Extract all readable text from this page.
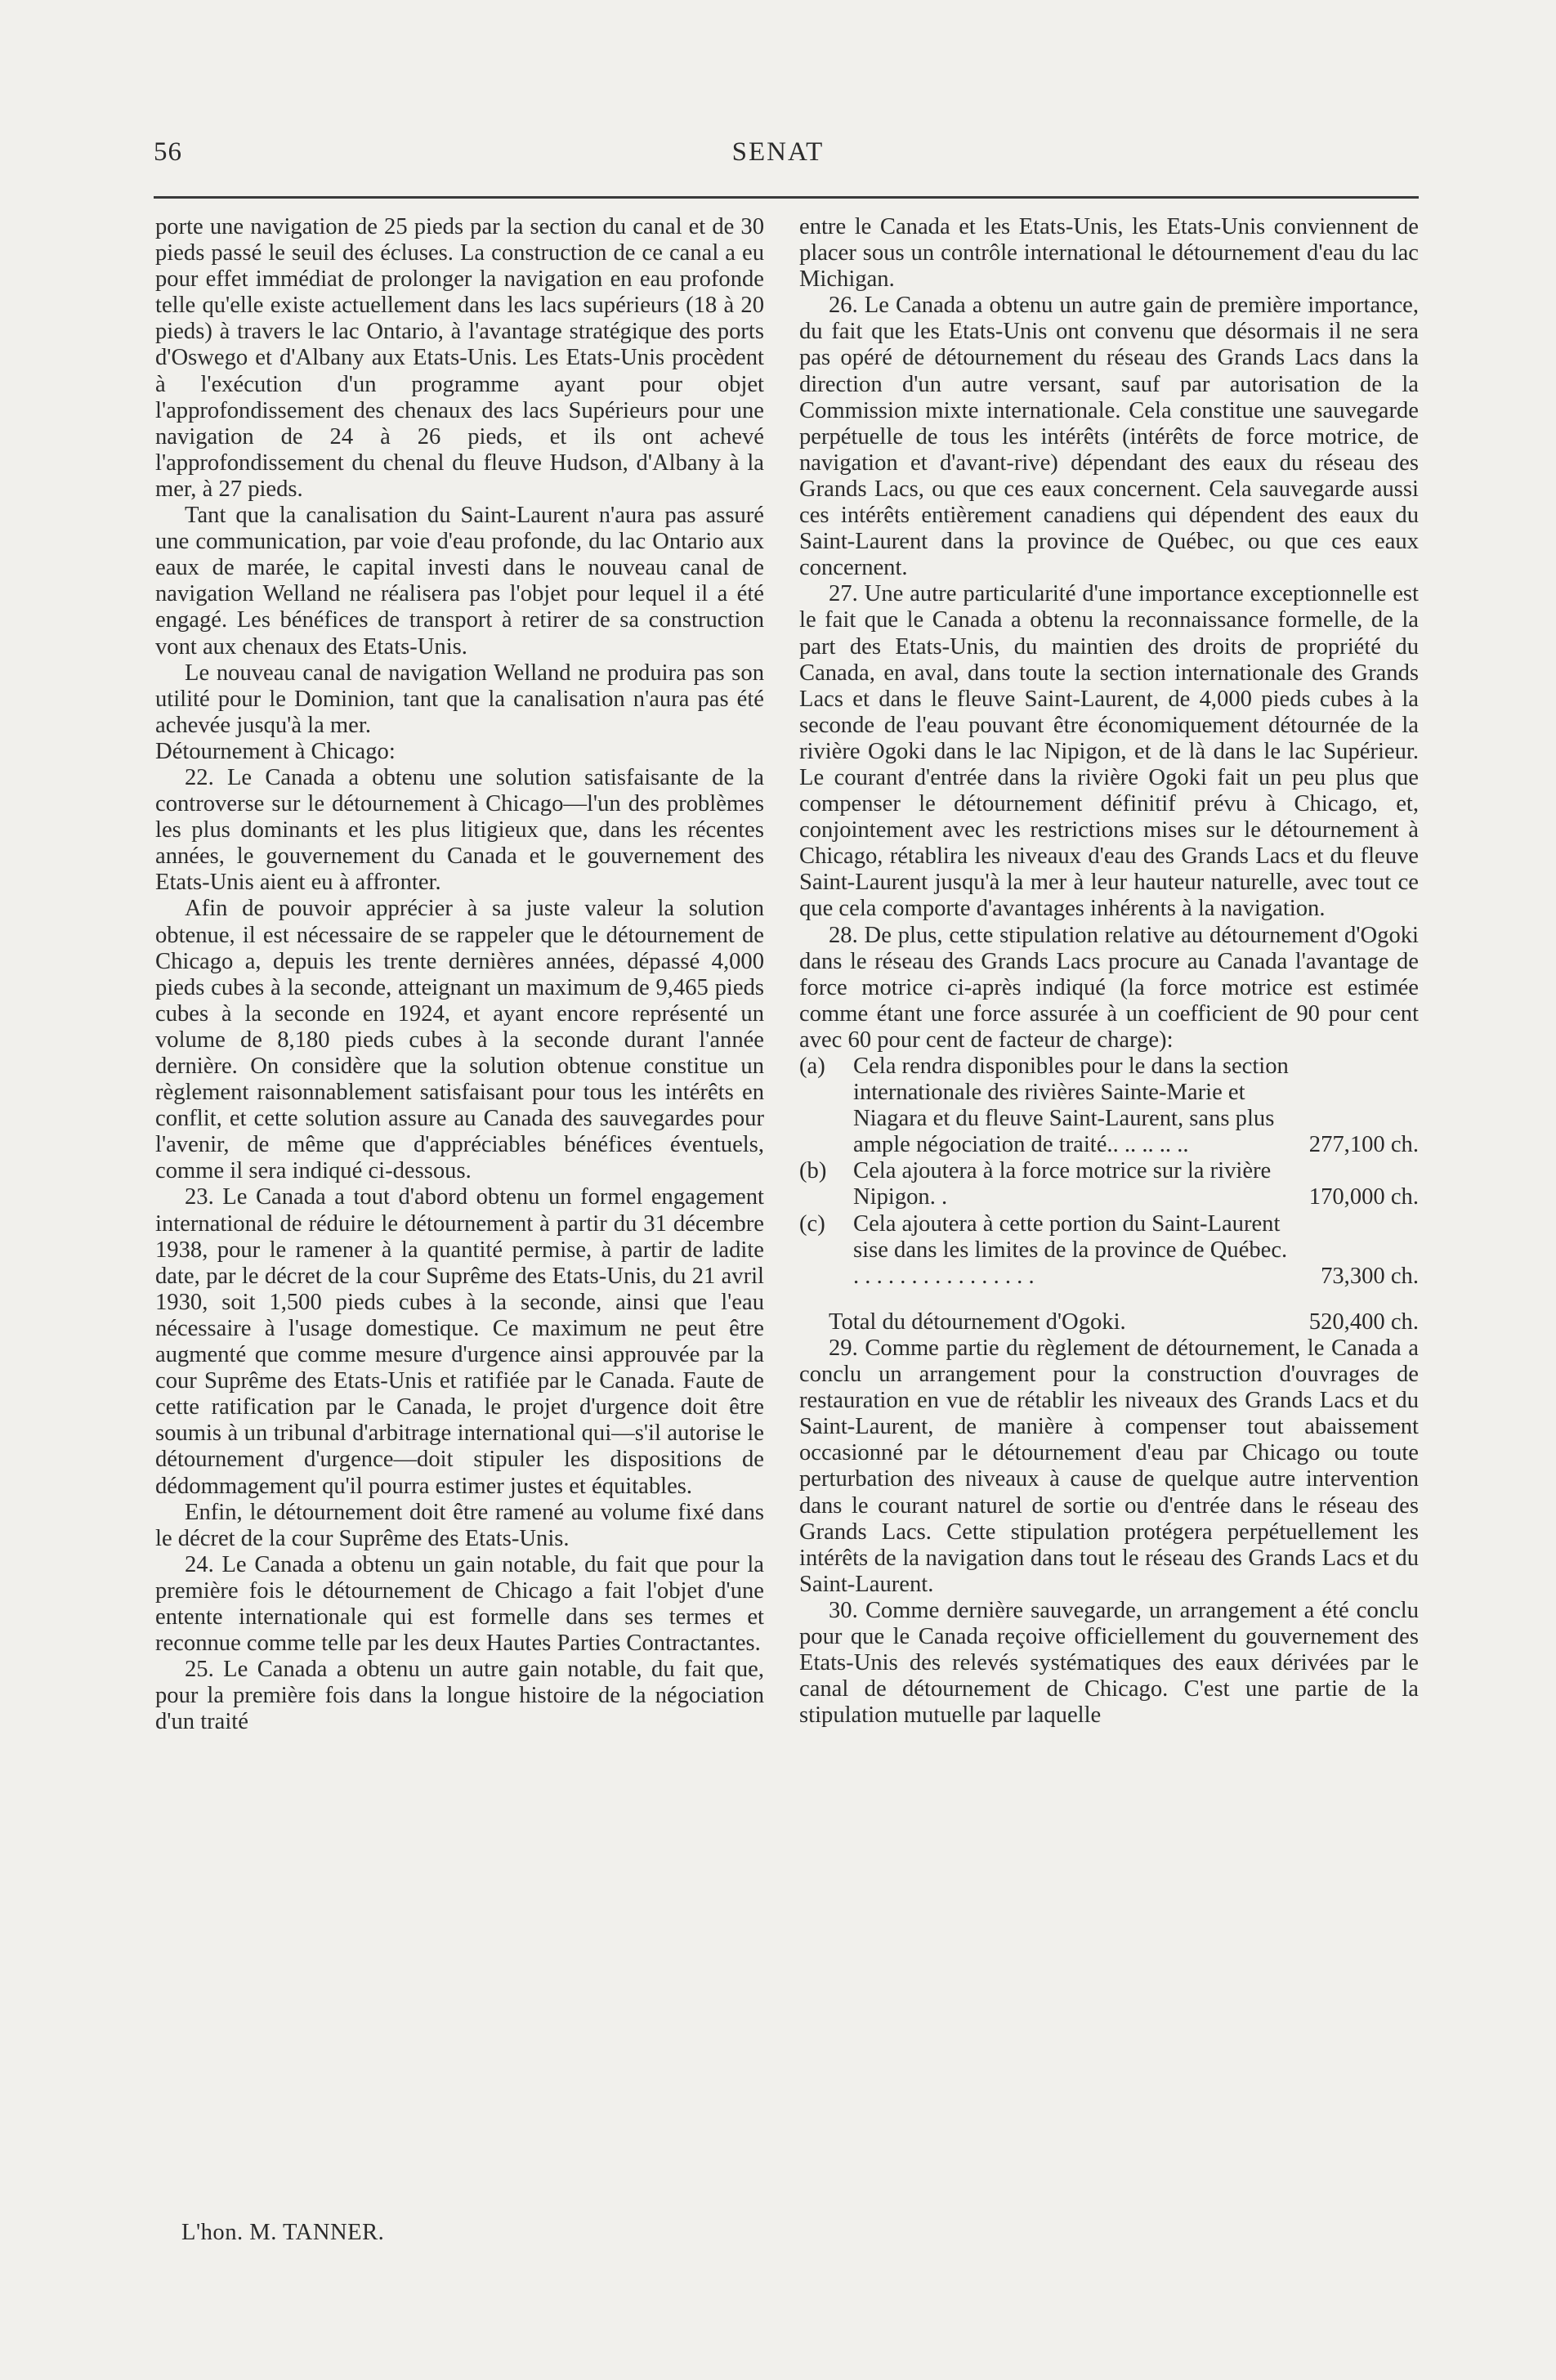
56	SENAT

porte une navigation de 25 pieds par la section du canal et de 30 pieds passé le seuil des écluses. La construction de ce canal a eu pour effet immédiat de prolonger la navigation en eau profonde telle qu'elle existe actuellement dans les lacs supérieurs (18 à 20 pieds) à travers le lac Ontario, à l'avantage stratégique des ports d'Oswego et d'Albany aux Etats-Unis. Les Etats-Unis procèdent à l'exécution d'un programme ayant pour objet l'approfondissement des chenaux des lacs Supérieurs pour une navigation de 24 à 26 pieds, et ils ont achevé l'approfondissement du chenal du fleuve Hudson, d'Albany à la mer, à 27 pieds.

Tant que la canalisation du Saint-Laurent n'aura pas assuré une communication, par voie d'eau profonde, du lac Ontario aux eaux de marée, le capital investi dans le nouveau canal de navigation Welland ne réalisera pas l'objet pour lequel il a été engagé. Les bénéfices de transport à retirer de sa construction vont aux chenaux des Etats-Unis.

Le nouveau canal de navigation Welland ne produira pas son utilité pour le Dominion, tant que la canalisation n'aura pas été achevée jusqu'à la mer.

Détournement à Chicago:

22. Le Canada a obtenu une solution satisfaisante de la controverse sur le détournement à Chicago—l'un des problèmes les plus dominants et les plus litigieux que, dans les récentes années, le gouvernement du Canada et le gouvernement des Etats-Unis aient eu à affronter.

Afin de pouvoir apprécier à sa juste valeur la solution obtenue, il est nécessaire de se rappeler que le détournement de Chicago a, depuis les trente dernières années, dépassé 4,000 pieds cubes à la seconde, atteignant un maximum de 9,465 pieds cubes à la seconde en 1924, et ayant encore représenté un volume de 8,180 pieds cubes à la seconde durant l'année dernière. On considère que la solution obtenue constitue un règlement raisonnablement satisfaisant pour tous les intérêts en conflit, et cette solution assure au Canada des sauvegardes pour l'avenir, de même que d'appréciables bénéfices éventuels, comme il sera indiqué ci-dessous.

23. Le Canada a tout d'abord obtenu un formel engagement international de réduire le détournement à partir du 31 décembre 1938, pour le ramener à la quantité permise, à partir de ladite date, par le décret de la cour Suprême des Etats-Unis, du 21 avril 1930, soit 1,500 pieds cubes à la seconde, ainsi que l'eau nécessaire à l'usage domestique. Ce maximum ne peut être augmenté que comme mesure d'urgence ainsi approuvée par la cour Suprême des Etats-Unis et ratifiée par le Canada. Faute de cette ratification par le Canada, le projet d'urgence doit être soumis à un tribunal d'arbitrage international qui—s'il autorise le détournement d'urgence—doit stipuler les dispositions de dédommagement qu'il pourra estimer justes et équitables.

Enfin, le détournement doit être ramené au volume fixé dans le décret de la cour Suprême des Etats-Unis.

24. Le Canada a obtenu un gain notable, du fait que pour la première fois le détournement de Chicago a fait l'objet d'une entente internationale qui est formelle dans ses termes et reconnue comme telle par les deux Hautes Parties Contractantes.

25. Le Canada a obtenu un autre gain notable, du fait que, pour la première fois dans la longue histoire de la négociation d'un traité

entre le Canada et les Etats-Unis, les Etats-Unis conviennent de placer sous un contrôle international le détournement d'eau du lac Michigan.

26. Le Canada a obtenu un autre gain de première importance, du fait que les Etats-Unis ont convenu que désormais il ne sera pas opéré de détournement du réseau des Grands Lacs dans la direction d'un autre versant, sauf par autorisation de la Commission mixte internationale. Cela constitue une sauvegarde perpétuelle de tous les intérêts (intérêts de force motrice, de navigation et d'avant-rive) dépendant des eaux du réseau des Grands Lacs, ou que ces eaux concernent. Cela sauvegarde aussi ces intérêts entièrement canadiens qui dépendent des eaux du Saint-Laurent dans la province de Québec, ou que ces eaux concernent.

27. Une autre particularité d'une importance exceptionnelle est le fait que le Canada a obtenu la reconnaissance formelle, de la part des Etats-Unis, du maintien des droits de propriété du Canada, en aval, dans toute la section internationale des Grands Lacs et dans le fleuve Saint-Laurent, de 4,000 pieds cubes à la seconde de l'eau pouvant être économiquement détournée de la rivière Ogoki dans le lac Nipigon, et de là dans le lac Supérieur. Le courant d'entrée dans la rivière Ogoki fait un peu plus que compenser le détournement définitif prévu à Chicago, et, conjointement avec les restrictions mises sur le détournement à Chicago, rétablira les niveaux d'eau des Grands Lacs et du fleuve Saint-Laurent jusqu'à la mer à leur hauteur naturelle, avec tout ce que cela comporte d'avantages inhérents à la navigation.

28. De plus, cette stipulation relative au détournement d'Ogoki dans le réseau des Grands Lacs procure au Canada l'avantage de force motrice ci-après indiqué (la force motrice est estimée comme étant une force assurée à un coefficient de 90 pour cent avec 60 pour cent de facteur de charge):

(a)	Cela rendra disponibles pour le dans la section internationale des rivières Sainte-Marie et Niagara et du fleuve Saint-Laurent, sans plus ample négociation de traité.. .. .. .. ..	277,100 ch.
(b)	Cela ajoutera à la force motrice sur la rivière Nipigon. .	170,000 ch.
(c)	Cela ajoutera à cette portion du Saint-Laurent sise dans les limites de la province de Québec. . . . . . . . . . . . . . . . .	73,300 ch.
Total du détournement d'Ogoki.	520,400 ch.

29. Comme partie du règlement de détournement, le Canada a conclu un arrangement pour la construction d'ouvrages de restauration en vue de rétablir les niveaux des Grands Lacs et du Saint-Laurent, de manière à compenser tout abaissement occasionné par le détournement d'eau par Chicago ou toute perturbation des niveaux à cause de quelque autre intervention dans le courant naturel de sortie ou d'entrée dans le réseau des Grands Lacs. Cette stipulation protégera perpétuellement les intérêts de la navigation dans tout le réseau des Grands Lacs et du Saint-Laurent.

30. Comme dernière sauvegarde, un arrangement a été conclu pour que le Canada reçoive officiellement du gouvernement des Etats-Unis des relevés systématiques des eaux dérivées par le canal de détournement de Chicago. C'est une partie de la stipulation mutuelle par laquelle

L'hon. M. TANNER.
